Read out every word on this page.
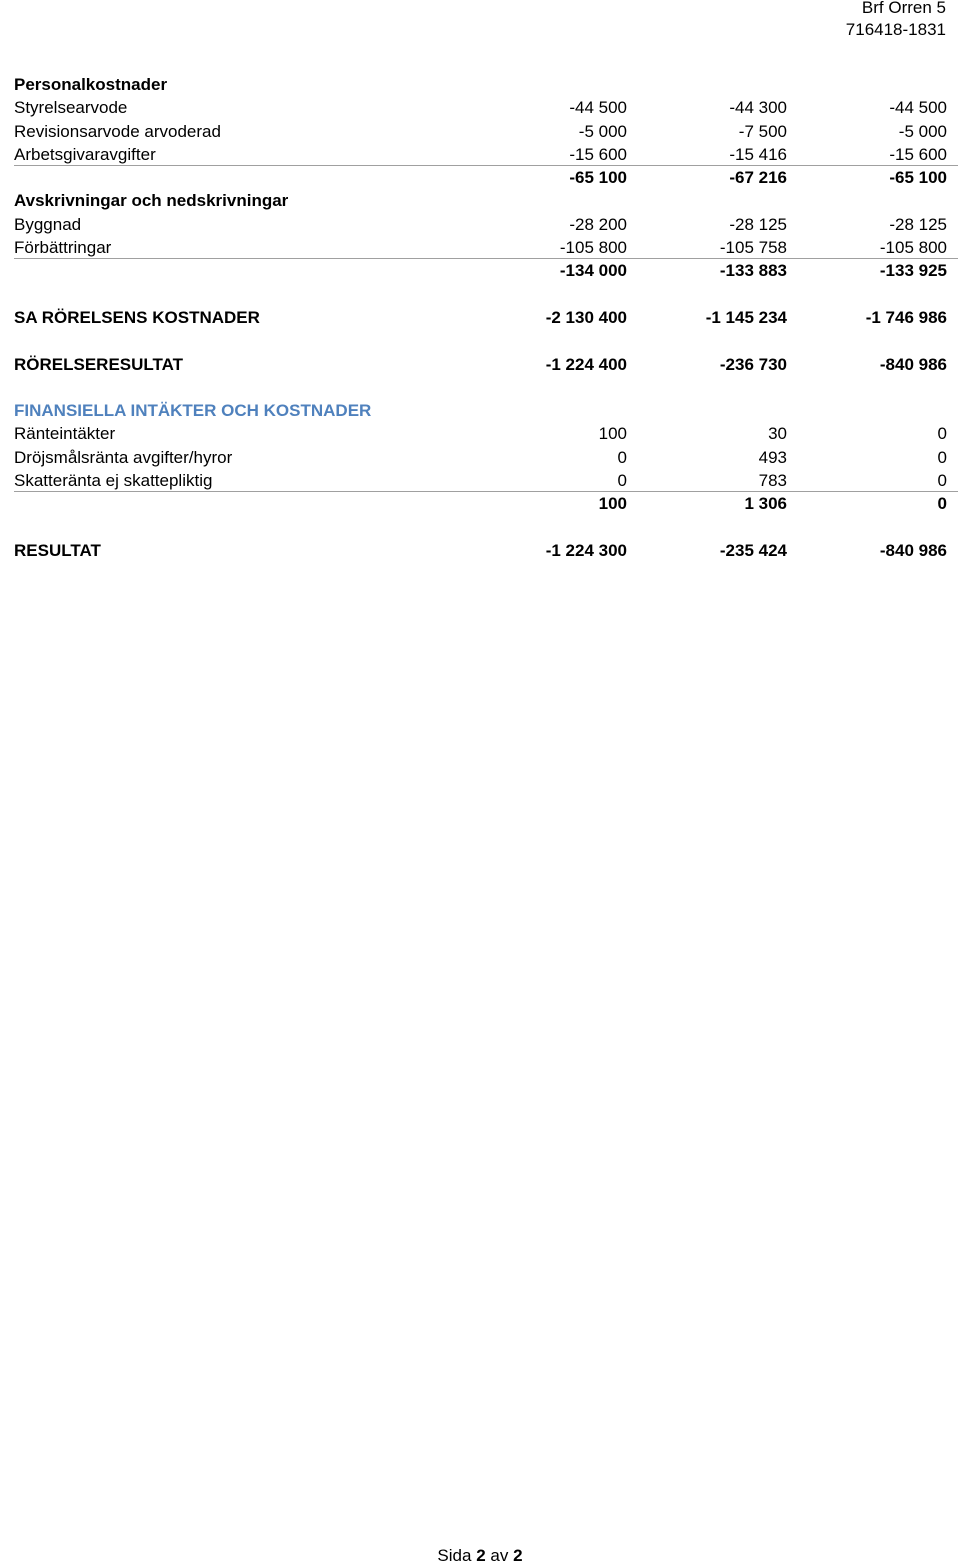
Brf Orren 5
716418-1831
Personalkostnader
Styrelsearvode	-44 500	-44 300	-44 500
Revisionsarvode arvoderad	-5 000	-7 500	-5 000
Arbetsgivaravgifter	-15 600	-15 416	-15 600
-65 100	-67 216	-65 100
Avskrivningar och nedskrivningar
Byggnad	-28 200	-28 125	-28 125
Förbättringar	-105 800	-105 758	-105 800
-134 000	-133 883	-133 925
SA RÖRELSENS KOSTNADER	-2 130 400	-1 145 234	-1 746 986
RÖRELSERESULTAT	-1 224 400	-236 730	-840 986
FINANSIELLA INTÄKTER OCH KOSTNADER
Ränteintäkter	100	30	0
Dröjsmålsränta avgifter/hyror	0	493	0
Skatteränta ej skattepliktig	0	783	0
100	1 306	0
RESULTAT	-1 224 300	-235 424	-840 986
Sida 2 av 2
